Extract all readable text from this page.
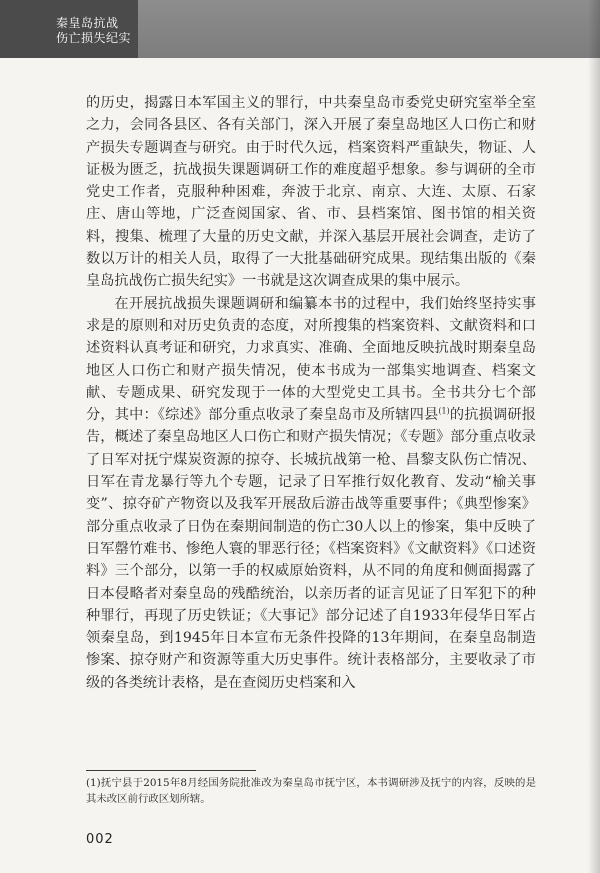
秦皇岛抗战
伤亡损失纪实

的历史，揭露日本军国主义的罪行，中共秦皇岛市委党史研究室举全室之力，会同各县区、各有关部门，深入开展了秦皇岛地区人口伤亡和财产损失专题调查与研究。由于时代久远，档案资料严重缺失，物证、人证极为匮乏，抗战损失课题调研工作的难度超乎想象。参与调研的全市党史工作者，克服种种困难，奔波于北京、南京、大连、太原、石家庄、唐山等地，广泛查阅国家、省、市、县档案馆、图书馆的相关资料，搜集、梳理了大量的历史文献，并深入基层开展社会调查，走访了数以万计的相关人员，取得了一大批基础研究成果。现结集出版的《秦皇岛抗战伤亡损失纪实》一书就是这次调查成果的集中展示。

在开展抗战损失课题调研和编纂本书的过程中，我们始终坚持实事求是的原则和对历史负责的态度，对所搜集的档案资料、文献资料和口述资料认真考证和研究，力求真实、准确、全面地反映抗战时期秦皇岛地区人口伤亡和财产损失情况，使本书成为一部集实地调查、档案文献、专题成果、研究发现于一体的大型党史工具书。全书共分七个部分，其中：《综述》部分重点收录了秦皇岛市及所辖四县$^{(1)}$的抗损调研报告，概述了秦皇岛地区人口伤亡和财产损失情况；《专题》部分重点收录了日军对抚宁煤炭资源的掠夺、长城抗战第一枪、昌黎支队伤亡情况、日军在青龙暴行等九个专题，记录了日军推行奴化教育、发动“榆关事变”、掠夺矿产物资以及我军开展敌后游击战等重要事件；《典型惨案》部分重点收录了日伪在秦期间制造的伤亡30人以上的惨案，集中反映了日军罄竹难书、惨绝人寰的罪恶行径；《档案资料》《文献资料》《口述资料》三个部分，以第一手的权威原始资料，从不同的角度和侧面揭露了日本侵略者对秦皇岛的残酷统治，以亲历者的证言见证了日军犯下的种种罪行，再现了历史铁证；《大事记》部分记述了自1933年侵华日军占领秦皇岛，到1945年日本宣布无条件投降的13年期间，在秦皇岛制造惨案、掠夺财产和资源等重大历史事件。统计表格部分，主要收录了市级的各类统计表格，是在查阅历史档案和入

(1)抚宁县于2015年8月经国务院批准改为秦皇岛市抚宁区，本书调研涉及抚宁的内容，反映的是其未改区前行政区划所辖。
002
